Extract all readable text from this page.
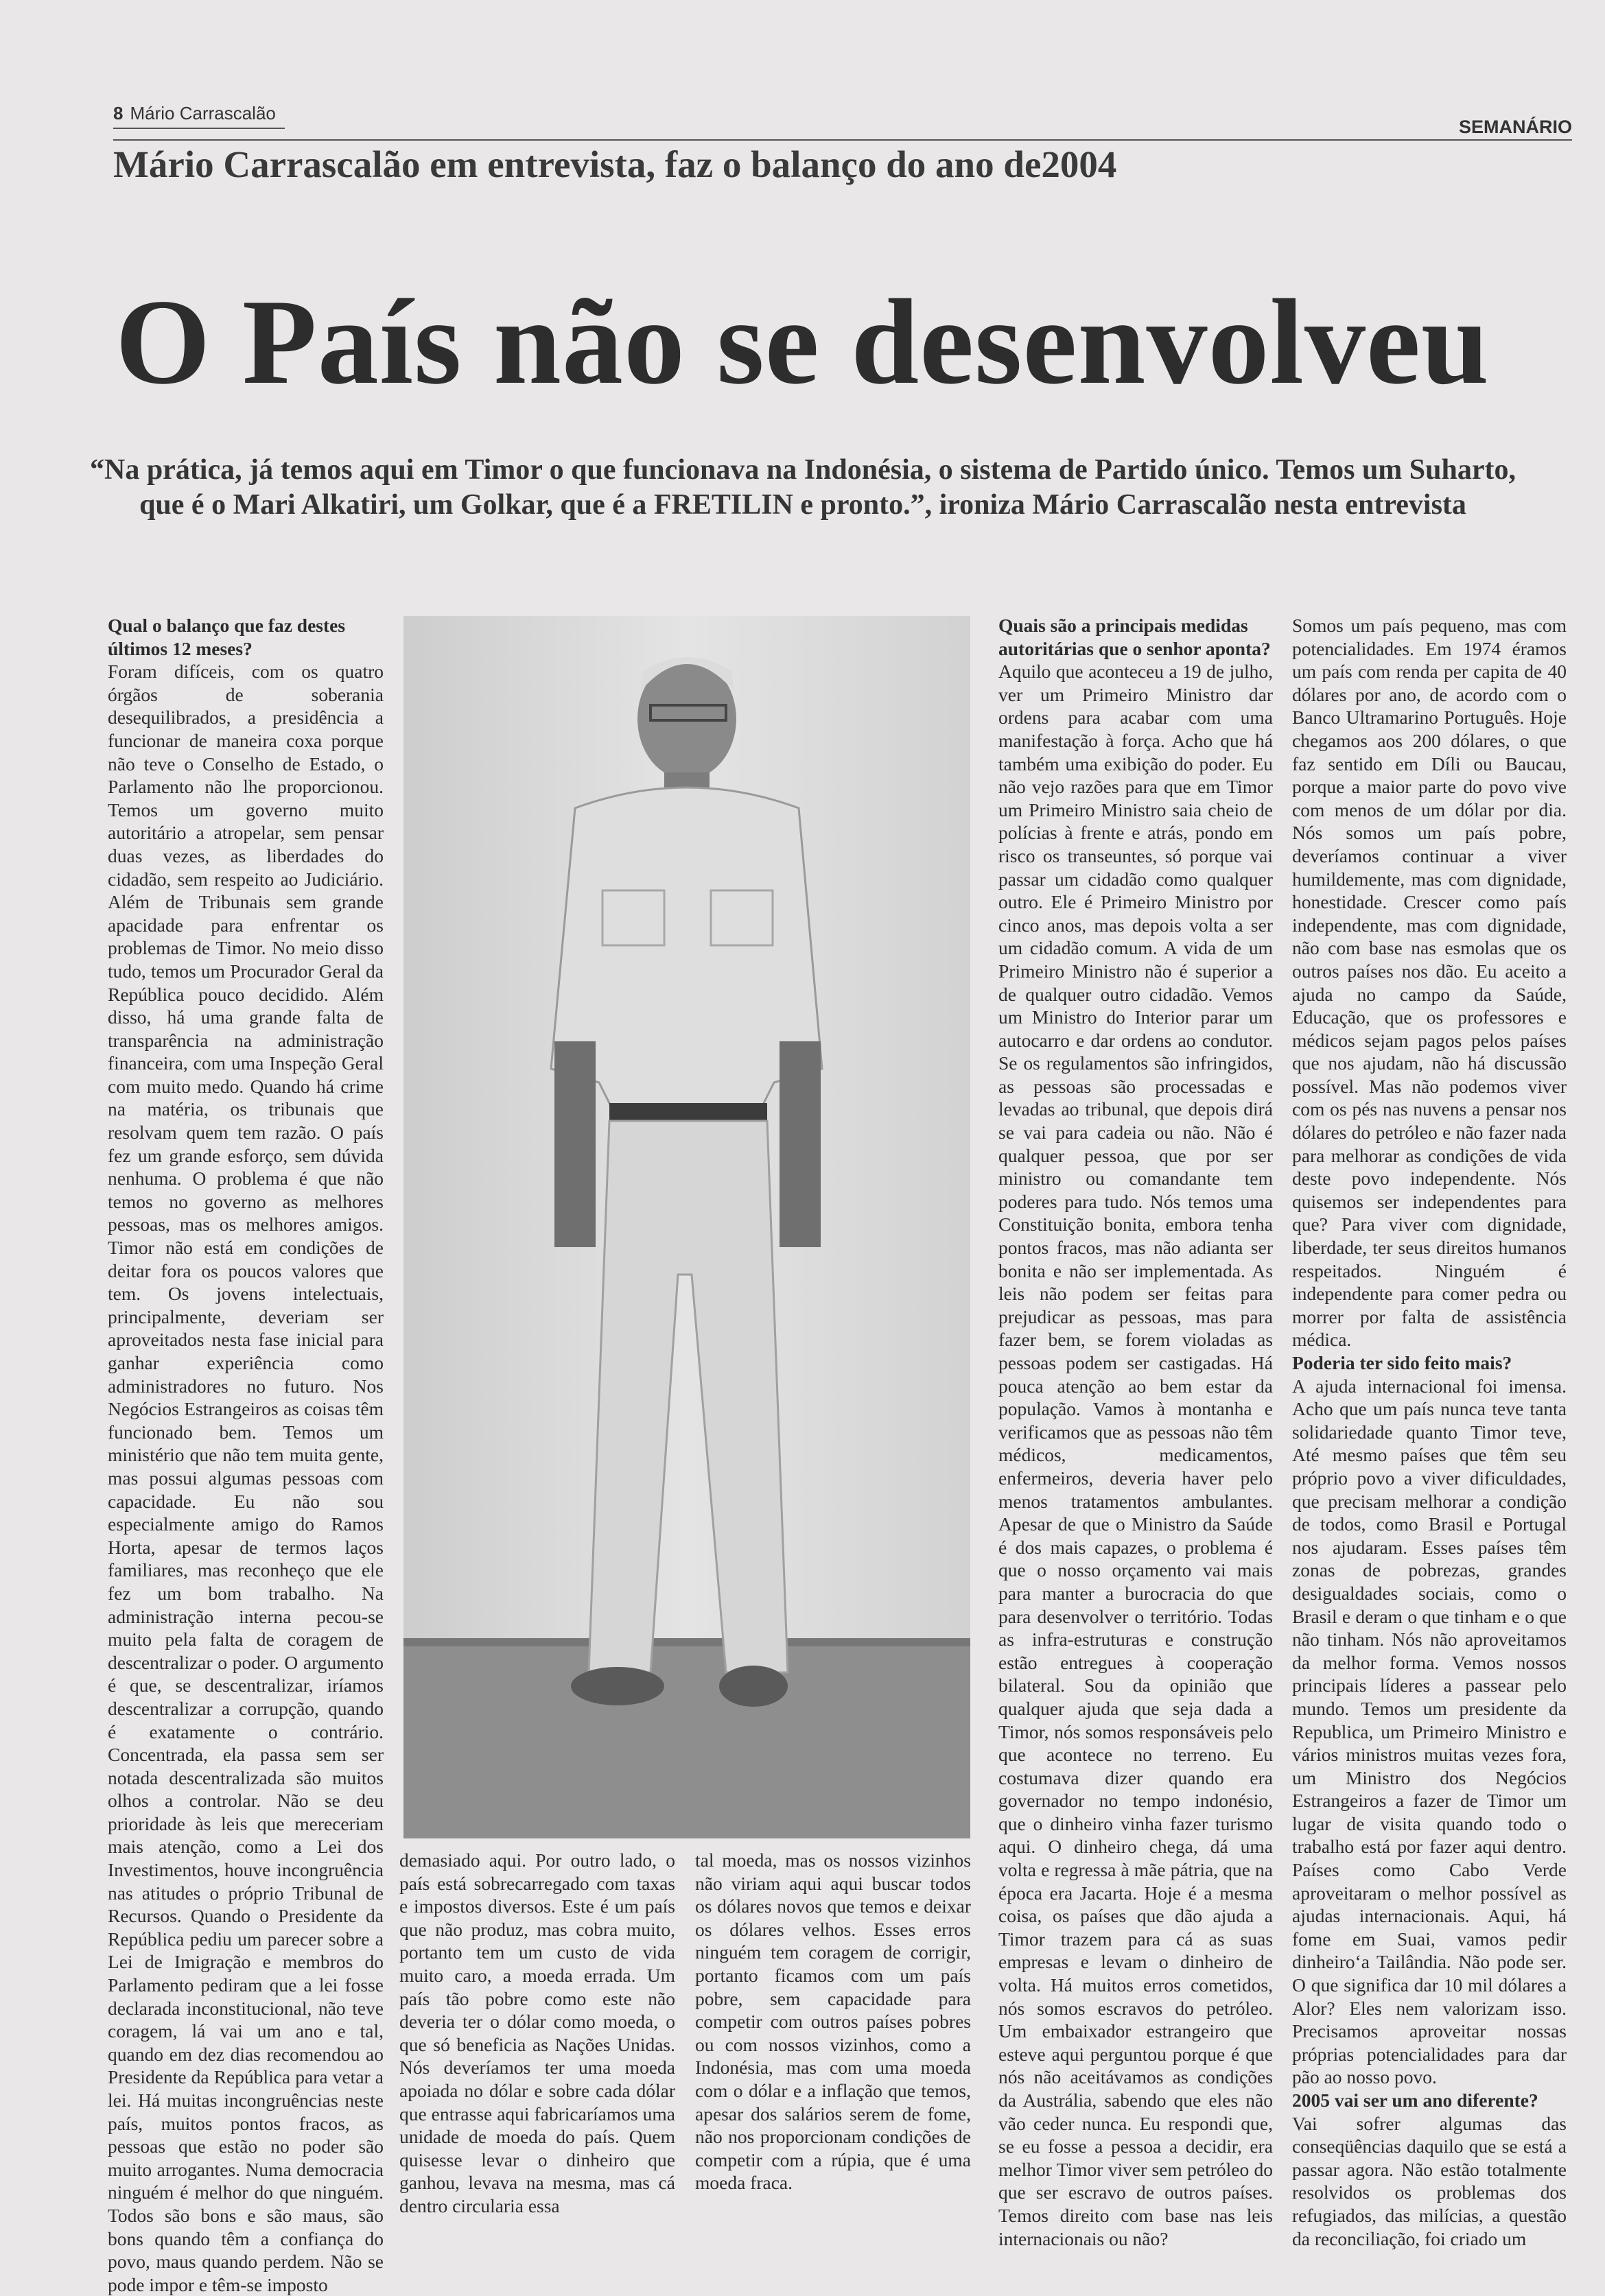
8 Mário Carrascalão
SEMANÁRIO
Mário Carrascalão em entrevista, faz o balanço do ano de2004
O País não se desenvolveu
“Na prática, já temos aqui em Timor o que funcionava na Indonésia, o sistema de Partido único. Temos um Suharto, que é o Mari Alkatiri, um Golkar, que é a FRETILIN e pronto.”, ironiza Mário Carrascalão nesta entrevista

Qual o balanço que faz destes últimos 12 meses?

Foram difíceis, com os quatro órgãos de soberania desequilibrados, a presidência a funcionar de maneira coxa porque não teve o Conselho de Estado, o Parlamento não lhe proporcionou. Temos um governo muito autoritário a atropelar, sem pensar duas vezes, as liberdades do cidadão, sem respeito ao Judiciário. Além de Tribunais sem grande apacidade para enfrentar os problemas de Timor. No meio disso tudo, temos um Procurador Geral da República pouco decidido. Além disso, há uma grande falta de transparência na administração financeira, com uma Inspeção Geral com muito medo. Quando há crime na matéria, os tribunais que resolvam quem tem razão. O país fez um grande esforço, sem dúvida nenhuma. O problema é que não temos no governo as melhores pessoas, mas os melhores amigos. Timor não está em condições de deitar fora os poucos valores que tem. Os jovens intelectuais, principalmente, deveriam ser aproveitados nesta fase inicial para ganhar experiência como administradores no futuro. Nos Negócios Estrangeiros as coisas têm funcionado bem. Temos um ministério que não tem muita gente, mas possui algumas pessoas com capacidade. Eu não sou especialmente amigo do Ramos Horta, apesar de termos laços familiares, mas reconheço que ele fez um bom trabalho. Na administração interna pecou-se muito pela falta de coragem de descentralizar o poder. O argumento é que, se descentralizar, iríamos descentralizar a corrupção, quando é exatamente o contrário. Concentrada, ela passa sem ser notada descentralizada são muitos olhos a controlar. Não se deu prioridade às leis que mereceriam mais atenção, como a Lei dos Investimentos, houve incongruência nas atitudes o próprio Tribunal de Recursos. Quando o Presidente da República pediu um parecer sobre a Lei de Imigração e membros do Parlamento pediram que a lei fosse declarada inconstitucional, não teve coragem, lá vai um ano e tal, quando em dez dias recomendou ao Presidente da República para vetar a lei. Há muitas incongruências neste país, muitos pontos fracos, as pessoas que estão no poder são muito arrogantes. Numa democracia ninguém é melhor do que ninguém. Todos são bons e são maus, são bons quando têm a confiança do povo, maus quando perdem. Não se pode impor e têm-se imposto

demasiado aqui. Por outro lado, o país está sobrecarregado com taxas e impostos diversos. Este é um país que não produz, mas cobra muito, portanto tem um custo de vida muito caro, a moeda errada. Um país tão pobre como este não deveria ter o dólar como moeda, o que só beneficia as Nações Unidas. Nós deveríamos ter uma moeda apoiada no dólar e sobre cada dólar que entrasse aqui fabricaríamos uma unidade de moeda do país. Quem quisesse levar o dinheiro que ganhou, levava na mesma, mas cá dentro circularia essa

tal moeda, mas os nossos vizinhos não viriam aqui aqui buscar todos os dólares novos que temos e deixar os dólares velhos. Esses erros ninguém tem coragem de corrigir, portanto ficamos com um país pobre, sem capacidade para competir com outros países pobres ou com nossos vizinhos, como a Indonésia, mas com uma moeda com o dólar e a inflação que temos, apesar dos salários serem de fome, não nos proporcionam condições de competir com a rúpia, que é uma moeda fraca.

Quais são a principais medidas autoritárias que o senhor aponta?

Aquilo que aconteceu a 19 de julho, ver um Primeiro Ministro dar ordens para acabar com uma manifestação à força. Acho que há também uma exibição do poder. Eu não vejo razões para que em Timor um Primeiro Ministro saia cheio de polícias à frente e atrás, pondo em risco os transeuntes, só porque vai passar um cidadão como qualquer outro. Ele é Primeiro Ministro por cinco anos, mas depois volta a ser um cidadão comum. A vida de um Primeiro Ministro não é superior a de qualquer outro cidadão. Vemos um Ministro do Interior parar um autocarro e dar ordens ao condutor. Se os regulamentos são infringidos, as pessoas são processadas e levadas ao tribunal, que depois dirá se vai para cadeia ou não. Não é qualquer pessoa, que por ser ministro ou comandante tem poderes para tudo. Nós temos uma Constituição bonita, embora tenha pontos fracos, mas não adianta ser bonita e não ser implementada. As leis não podem ser feitas para prejudicar as pessoas, mas para fazer bem, se forem violadas as pessoas podem ser castigadas. Há pouca atenção ao bem estar da população. Vamos à montanha e verificamos que as pessoas não têm médicos, medicamentos, enfermeiros, deveria haver pelo menos tratamentos ambulantes. Apesar de que o Ministro da Saúde é dos mais capazes, o problema é que o nosso orçamento vai mais para manter a burocracia do que para desenvolver o território. Todas as infra-estruturas e construção estão entregues à cooperação bilateral. Sou da opinião que qualquer ajuda que seja dada a Timor, nós somos responsáveis pelo que acontece no terreno. Eu costumava dizer quando era governador no tempo indonésio, que o dinheiro vinha fazer turismo aqui. O dinheiro chega, dá uma volta e regressa à mãe pátria, que na época era Jacarta. Hoje é a mesma coisa, os países que dão ajuda a Timor trazem para cá as suas empresas e levam o dinheiro de volta. Há muitos erros cometidos, nós somos escravos do petróleo. Um embaixador estrangeiro que esteve aqui perguntou porque é que nós não aceitávamos as condições da Austrália, sabendo que eles não vão ceder nunca. Eu respondi que, se eu fosse a pessoa a decidir, era melhor Timor viver sem petróleo do que ser escravo de outros países. Temos direito com base nas leis internacionais ou não?

Somos um país pequeno, mas com potencialidades. Em 1974 éramos um país com renda per capita de 40 dólares por ano, de acordo com o Banco Ultramarino Português. Hoje chegamos aos 200 dólares, o que faz sentido em Díli ou Baucau, porque a maior parte do povo vive com menos de um dólar por dia. Nós somos um país pobre, deveríamos continuar a viver humildemente, mas com dignidade, honestidade. Crescer como país independente, mas com dignidade, não com base nas esmolas que os outros países nos dão. Eu aceito a ajuda no campo da Saúde, Educação, que os professores e médicos sejam pagos pelos países que nos ajudam, não há discussão possível. Mas não podemos viver com os pés nas nuvens a pensar nos dólares do petróleo e não fazer nada para melhorar as condições de vida deste povo independente. Nós quisemos ser independentes para que? Para viver com dignidade, liberdade, ter seus direitos humanos respeitados. Ninguém é independente para comer pedra ou morrer por falta de assistência médica.

Poderia ter sido feito mais?

A ajuda internacional foi imensa. Acho que um país nunca teve tanta solidariedade quanto Timor teve, Até mesmo países que têm seu próprio povo a viver dificuldades, que precisam melhorar a condição de todos, como Brasil e Portugal nos ajudaram. Esses países têm zonas de pobrezas, grandes desigualdades sociais, como o Brasil e deram o que tinham e o que não tinham. Nós não aproveitamos da melhor forma. Vemos nossos principais líderes a passear pelo mundo. Temos um presidente da Republica, um Primeiro Ministro e vários ministros muitas vezes fora, um Ministro dos Negócios Estrangeiros a fazer de Timor um lugar de visita quando todo o trabalho está por fazer aqui dentro. Países como Cabo Verde aproveitaram o melhor possível as ajudas internacionais. Aqui, há fome em Suai, vamos pedir dinheiro‘a Tailândia. Não pode ser. O que significa dar 10 mil dólares a Alor? Eles nem valorizam isso. Precisamos aproveitar nossas próprias potencialidades para dar pão ao nosso povo.

2005 vai ser um ano diferente?

Vai sofrer algumas das conseqüências daquilo que se está a passar agora. Não estão totalmente resolvidos os problemas dos refugiados, das milícias, a questão da reconciliação, foi criado um
